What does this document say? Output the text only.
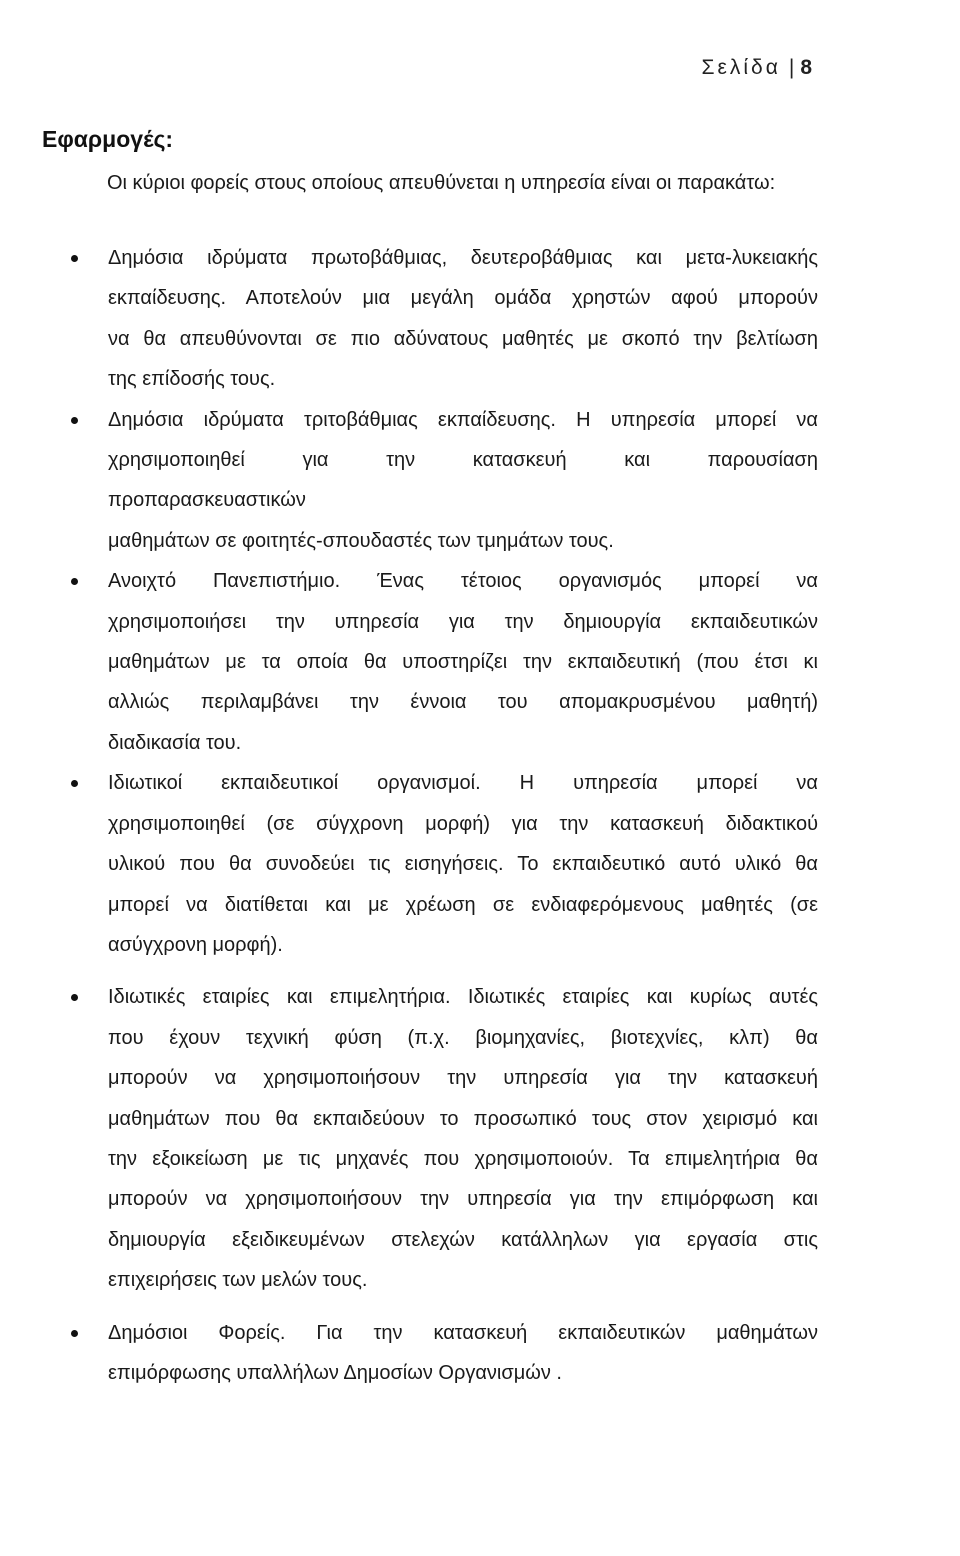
Σελίδα | 8
Εφαρμογές:

Οι κύριοι φορείς στους οποίους απευθύνεται η υπηρεσία είναι οι παρακάτω:

Δημόσια ιδρύματα πρωτοβάθμιας, δευτεροβάθμιας και μετα-λυκειακής
εκπαίδευσης. Αποτελούν μια μεγάλη ομάδα χρηστών αφού μπορούν
να θα απευθύνονται σε πιο αδύνατους μαθητές με σκοπό την βελτίωση
της επίδοσής τους.
Δημόσια ιδρύματα τριτοβάθμιας εκπαίδευσης. Η υπηρεσία μπορεί να
χρησιμοποιηθεί για την κατασκευή και παρουσίαση
προπαρασκευαστικών
μαθημάτων σε φοιτητές-σπουδαστές των τμημάτων τους.
Ανοιχτό Πανεπιστήμιο. Ένας τέτοιος οργανισμός μπορεί να
χρησιμοποιήσει την υπηρεσία για την δημιουργία εκπαιδευτικών
μαθημάτων με τα οποία θα υποστηρίζει την εκπαιδευτική (που έτσι κι
αλλιώς περιλαμβάνει την έννοια του απομακρυσμένου μαθητή)
διαδικασία του.
Ιδιωτικοί εκπαιδευτικοί οργανισμοί. Η υπηρεσία μπορεί να
χρησιμοποιηθεί (σε σύγχρονη μορφή) για την κατασκευή διδακτικού
υλικού που θα συνοδεύει τις εισηγήσεις. Το εκπαιδευτικό αυτό υλικό θα
μπορεί να διατίθεται και με χρέωση σε ενδιαφερόμενους μαθητές (σε
ασύγχρονη μορφή).
Ιδιωτικές εταιρίες και επιμελητήρια. Ιδιωτικές εταιρίες και κυρίως αυτές
που έχουν τεχνική φύση (π.χ. βιομηχανίες, βιοτεχνίες, κλπ) θα
μπορούν να χρησιμοποιήσουν την υπηρεσία για την κατασκευή
μαθημάτων που θα εκπαιδεύουν το προσωπικό τους στον χειρισμό και
την εξοικείωση με τις μηχανές που χρησιμοποιούν. Τα επιμελητήρια θα
μπορούν να χρησιμοποιήσουν την υπηρεσία για την επιμόρφωση και
δημιουργία εξειδικευμένων στελεχών κατάλληλων για εργασία στις
επιχειρήσεις των μελών τους.
Δημόσιοι Φορείς. Για την κατασκευή εκπαιδευτικών μαθημάτων
επιμόρφωσης υπαλλήλων Δημοσίων Οργανισμών .
